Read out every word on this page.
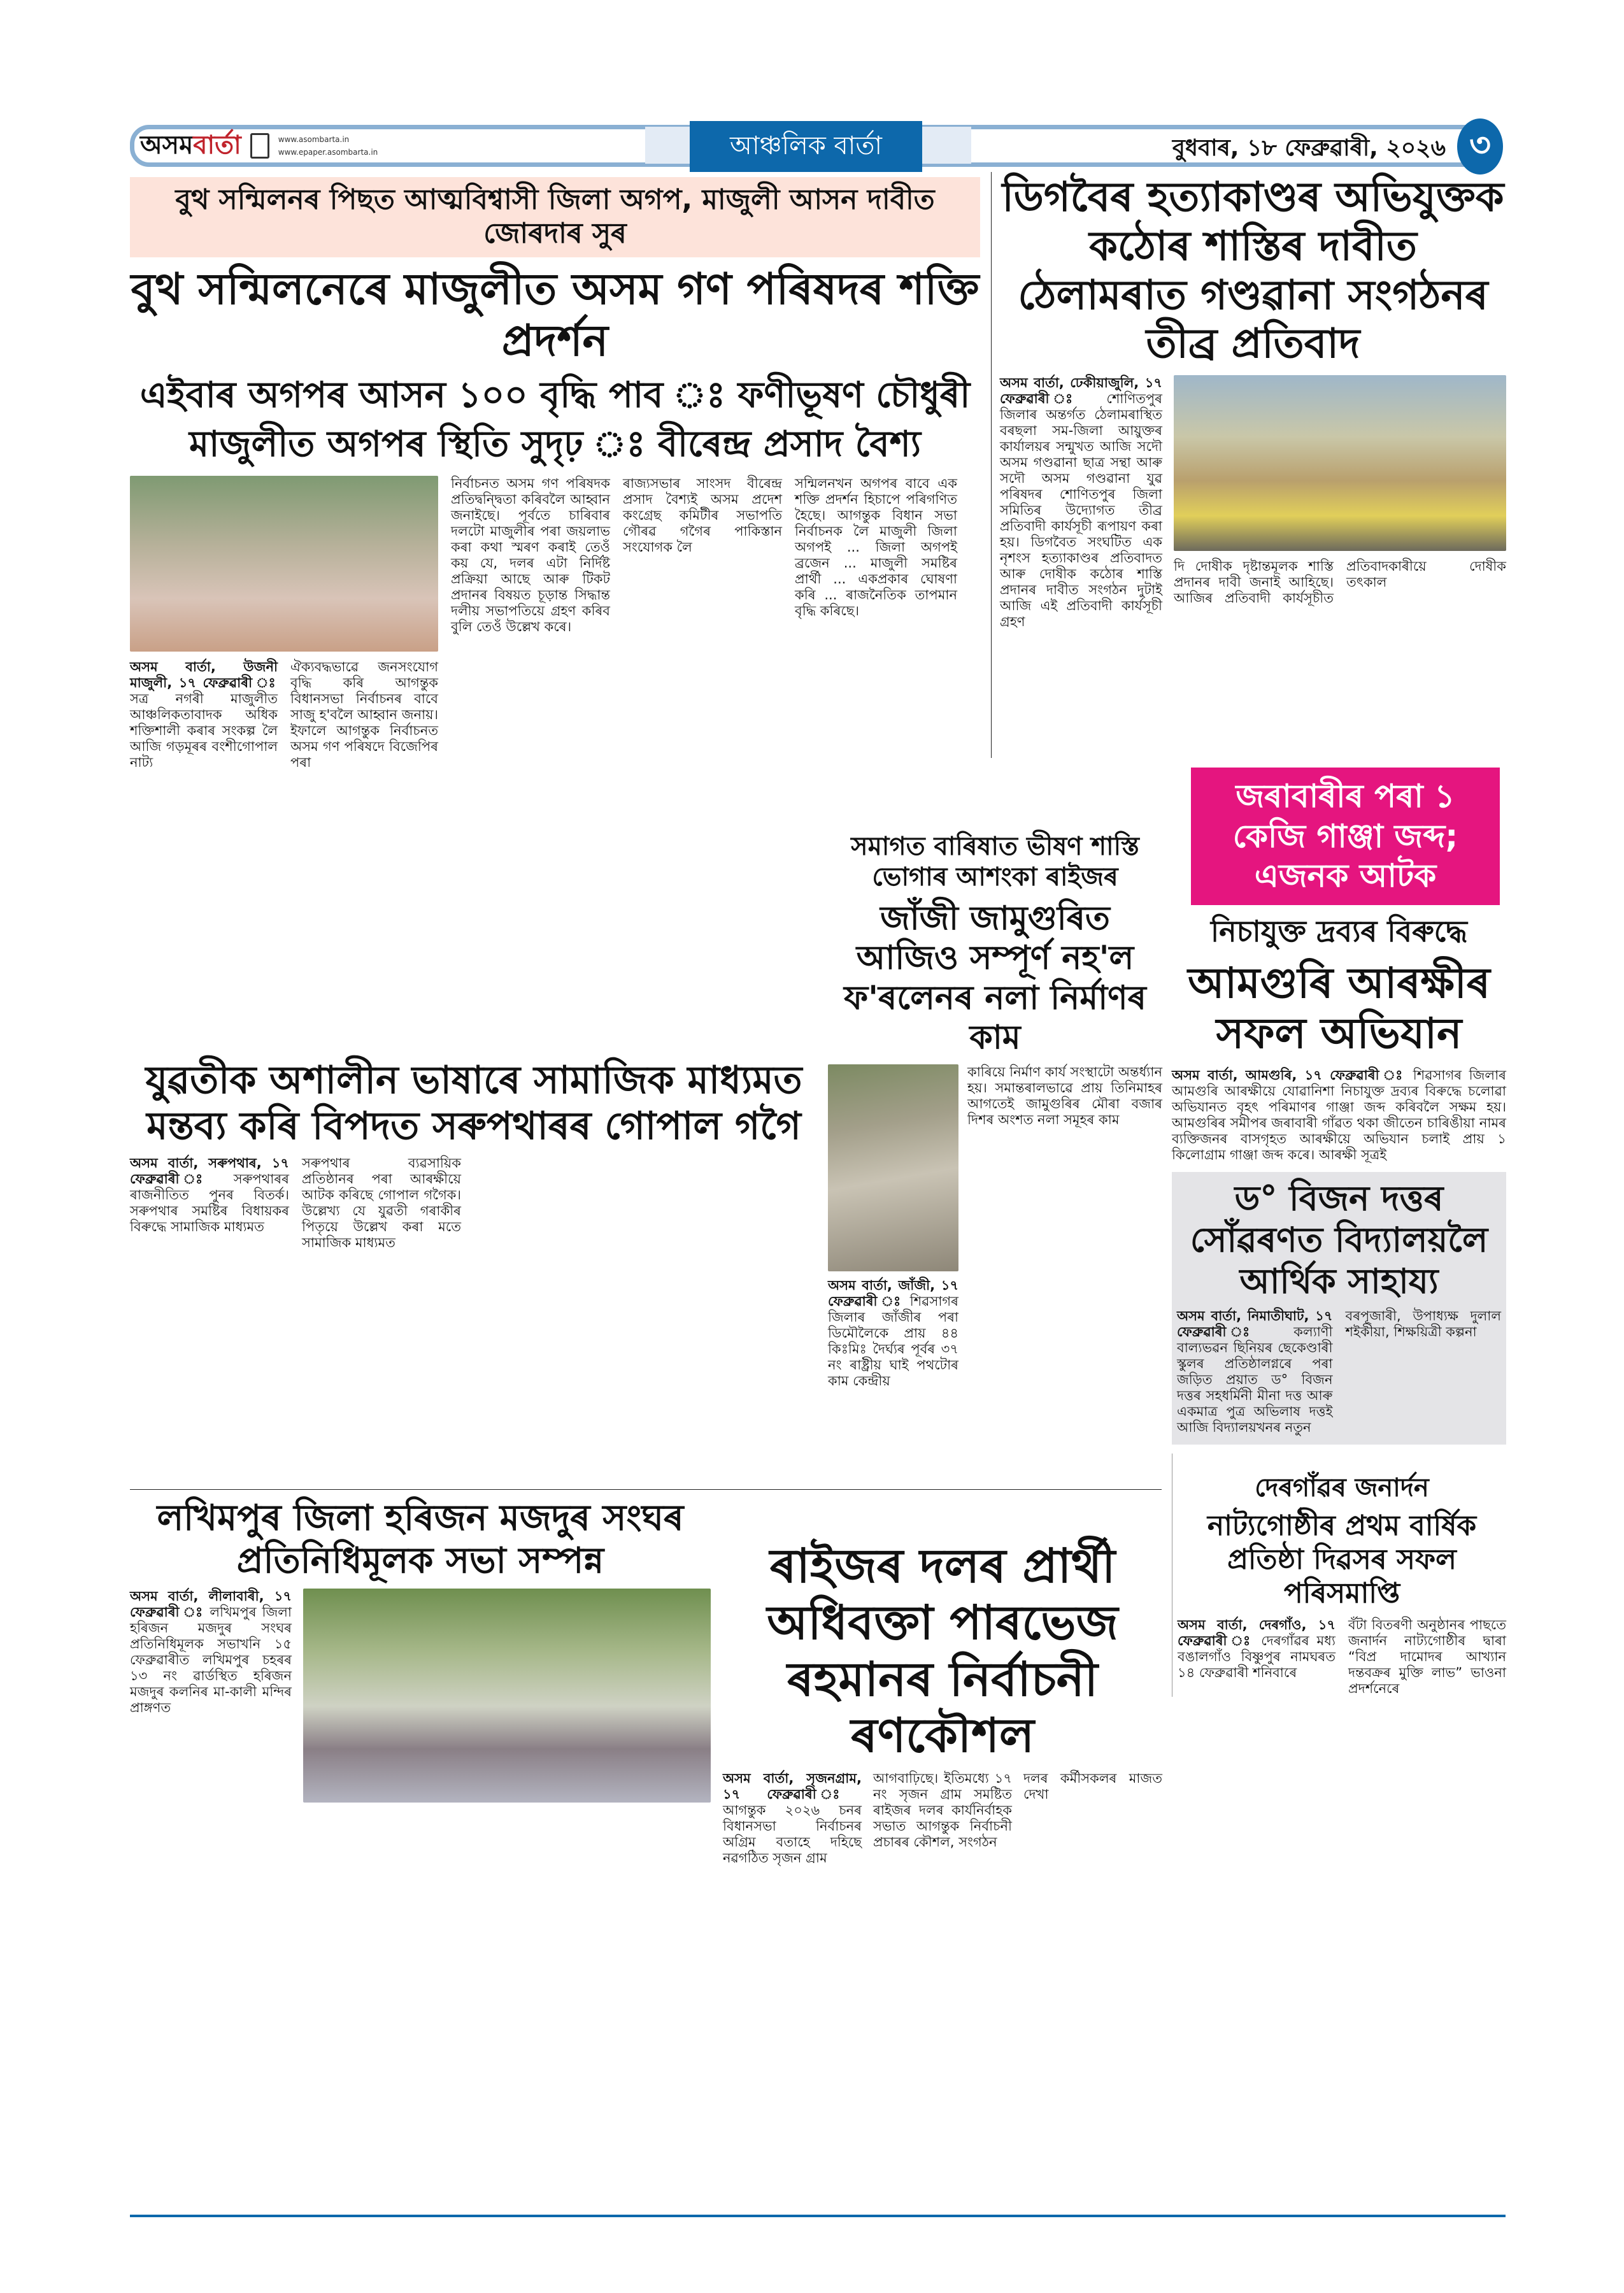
অসমবাৰ্তা	www.asombarta.in
www.epaper.asombarta.in	আঞ্চলিক বাৰ্তা	বুধবাৰ, ১৮ ফেব্ৰুৱাৰী, ২০২৬ ৩
বুথ সন্মিলনৰ পিছত আত্মবিশ্বাসী জিলা অগপ, মাজুলী আসন দাবীত জোৰদাৰ সুৰ
বুথ সন্মিলনেৰে মাজুলীত অসম গণ পৰিষদৰ শক্তি প্ৰদৰ্শন
এইবাৰ অগপৰ আসন ১০০ বৃদ্ধি পাব ঃ ফণীভূষণ চৌধুৰী
মাজুলীত অগপৰ স্থিতি সুদৃঢ় ঃ বীৰেন্দ্ৰ প্ৰসাদ বৈশ্য
অসম বাৰ্তা, উজনী মাজুলী, ১৭ ফেব্ৰুৱাৰী ঃ সত্ৰ নগৰী মাজুলীত আঞ্চলিকতাবাদক অধিক শক্তিশালী কৰাৰ সংকল্প লৈ আজি গড়মূৰৰ বংশীগোপাল নাট্য
ঐক্যবদ্ধভাৱে জনসংযোগ বৃদ্ধি কৰি আগন্তুক বিধানসভা নিৰ্বাচনৰ বাবে সাজু হ'বলৈ আহ্বান জনায়। ইফালে আগন্তুক নিৰ্বাচনত অসম গণ পৰিষদে বিজেপিৰ পৰা
নিৰ্বাচনত অসম গণ পৰিষদক প্ৰতিদ্বন্দ্বিতা কৰিবলৈ আহ্বান জনাইছে। পূৰ্বতে চাৰিবাৰ দলটো মাজুলীৰ পৰা জয়লাভ কৰা কথা স্মৰণ কৰাই তেওঁ কয় যে, দলৰ এটা নিৰ্দিষ্ট প্ৰক্ৰিয়া আছে আৰু টিকট প্ৰদানৰ বিষয়ত চূড়ান্ত সিদ্ধান্ত দলীয় সভাপতিয়ে গ্ৰহণ কৰিব বুলি তেওঁ উল্লেখ কৰে।
ৰাজ্যসভাৰ সাংসদ বীৰেন্দ্ৰ প্ৰসাদ বৈশ্যই অসম প্ৰদেশ কংগ্ৰেছ কমিটীৰ সভাপতি গৌৰৱ গগৈৰ পাকিস্তান সংযোগক লৈ
সন্মিলনখন অগপৰ বাবে এক শক্তি প্ৰদৰ্শন হিচাপে পৰিগণিত হৈছে। আগন্তুক বিধান সভা নিৰ্বাচনক লৈ মাজুলী জিলা অগপই ... জিলা অগপই ব্ৰজেন ... মাজুলী সমষ্টিৰ প্ৰাৰ্থী ... একপ্ৰকাৰ ঘোষণা কৰি ... ৰাজনৈতিক তাপমান বৃদ্ধি কৰিছে।
ডিগবৈৰ হত্যাকাণ্ডৰ অভিযুক্তক কঠোৰ শাস্তিৰ দাবীত ঠেলামৰাত গণ্ডৱানা সংগঠনৰ তীব্ৰ প্ৰতিবাদ
অসম বাৰ্তা, ঢেকীয়াজুলি, ১৭ ফেব্ৰুৱাৰী ঃ শোণিতপুৰ জিলাৰ অন্তৰ্গত ঠেলামৰাস্থিত বৰছলা সম-জিলা আয়ুক্তৰ কাৰ্যালয়ৰ সন্মুখত আজি সদৌ অসম গণ্ডৱানা ছাত্ৰ সন্থা আৰু সদৌ অসম গণ্ডৱানা যুৱ পৰিষদৰ শোণিতপুৰ জিলা সমিতিৰ উদ্যোগত তীব্ৰ প্ৰতিবাদী কাৰ্যসূচী ৰূপায়ণ কৰা হয়। ডিগবৈত সংঘটিত এক নৃশংস হত্যাকাণ্ডৰ প্ৰতিবাদত আৰু দোষীক কঠোৰ শাস্তি প্ৰদানৰ দাবীত সংগঠন দুটাই আজি এই প্ৰতিবাদী কাৰ্যসূচী গ্ৰহণ
দি দোষীক দৃষ্টান্তমূলক শাস্তি প্ৰদানৰ দাবী জনাই আহিছে। আজিৰ প্ৰতিবাদী কাৰ্যসূচীত প্ৰতিবাদকাৰীয়ে দোষীক তৎকাল
সমাগত বাৰিষাত ভীষণ শাস্তি ভোগাৰ আশংকা ৰাইজৰ
জাঁজী জামুগুৰিত আজিও সম্পূৰ্ণ নহ'ল ফ'ৰলেনৰ নলা নিৰ্মাণৰ কাম
অসম বাৰ্তা, জাঁজী, ১৭ ফেব্ৰুৱাৰী ঃ শিৱসাগৰ জিলাৰ জাঁজীৰ পৰা ডিমৌলৈকে প্ৰায় ৪৪ কিঃমিঃ দৈৰ্ঘ্যৰ পূৰ্বৰ ৩৭ নং ৰাষ্ট্ৰীয় ঘাই পথটোৰ কাম কেন্দ্ৰীয়
কাৰিয়ে নিৰ্মাণ কাৰ্য সংস্থাটো অন্তৰ্ধ্যান হয়। সমান্তৰালভাৱে প্ৰায় তিনিমাহৰ আগতেই জামুগুৰিৰ মৌৰা বজাৰ দিশৰ অংশত নলা সমূহৰ কাম
জৰাবাৰীৰ পৰা ১ কেজি গাঞ্জা জব্দ; এজনক আটক
নিচাযুক্ত দ্ৰব্যৰ বিৰুদ্ধে
আমগুৰি আৰক্ষীৰ সফল অভিযান
অসম বাৰ্তা, আমগুৰি, ১৭ ফেব্ৰুৱাৰী ঃ শিৱসাগৰ জিলাৰ আমগুৰি আৰক্ষীয়ে যোৱানিশা নিচাযুক্ত দ্ৰব্যৰ বিৰুদ্ধে চলোৱা অভিযানত বৃহৎ পৰিমাণৰ গাঞ্জা জব্দ কৰিবলৈ সক্ষম হয়। আমগুৰিৰ সমীপৰ জৰাবাৰী গাঁৱত থকা জীতেন চাৰিঙীয়া নামৰ ব্যক্তিজনৰ বাসগৃহত আৰক্ষীয়ে অভিযান চলাই প্ৰায় ১ কিলোগ্ৰাম গাঞ্জা জব্দ কৰে। আৰক্ষী সূত্ৰই
ড° বিজন দত্তৰ সোঁৱৰণত বিদ্যালয়লৈ আৰ্থিক সাহায্য
অসম বাৰ্তা, নিমাতীঘাট, ১৭ ফেব্ৰুৱাৰী ঃ কল্যাণী বাল্যভৱন ছিনিয়ৰ ছেকেণ্ডাৰী স্কুলৰ প্ৰতিষ্ঠালগ্নৰে পৰা জড়িত প্ৰয়াত ড° বিজন দত্তৰ সহধৰ্মিনী মীনা দত্ত আৰু একমাত্ৰ পুত্ৰ অভিলাষ দত্তই আজি বিদ্যালয়খনৰ নতুন
বৰপূজাৰী, উপাধ্যক্ষ দুলাল শইকীয়া, শিক্ষয়িত্ৰী কল্পনা
দেৰগাঁৱৰ জনাৰ্দন
নাট্যগোষ্ঠীৰ প্ৰথম বাৰ্ষিক প্ৰতিষ্ঠা দিৱসৰ সফল পৰিসমাপ্তি
অসম বাৰ্তা, দেৰগাঁও, ১৭ ফেব্ৰুৱাৰী ঃ দেৰগাঁৱৰ মধ্য বঙালগাঁও বিষ্ণুপুৰ নামঘৰত ১৪ ফেব্ৰুৱাৰী শনিবাৰে
বঁটা বিতৰণী অনুষ্ঠানৰ পাছতে জনাৰ্দন নাট্যগোষ্ঠীৰ দ্বাৰা “বিপ্ৰ দামোদৰ আখ্যান দন্তবক্ৰৰ মুক্তি লাভ” ভাওনা প্ৰদৰ্শনেৰে
যুৱতীক অশালীন ভাষাৰে সামাজিক মাধ্যমত মন্তব্য কৰি বিপদত সৰুপথাৰৰ গোপাল গগৈ
অসম বাৰ্তা, সৰুপথাৰ, ১৭ ফেব্ৰুৱাৰী ঃ সৰুপথাৰৰ ৰাজনীতিত পুনৰ বিতৰ্ক। সৰুপথাৰ সমষ্টিৰ বিধায়কৰ বিৰুদ্ধে সামাজিক মাধ্যমত
সৰুপথাৰ ব্যৱসায়িক প্ৰতিষ্ঠানৰ পৰা আৰক্ষীয়ে আটক কৰিছে গোপাল গগৈক। উল্লেখ্য যে যুৱতী গৰাকীৰ পিতৃয়ে উল্লেখ কৰা মতে সামাজিক মাধ্যমত
লখিমপুৰ জিলা হৰিজন মজদুৰ সংঘৰ প্ৰতিনিধিমূলক সভা সম্পন্ন
অসম বাৰ্তা, লীলাবাৰী, ১৭ ফেব্ৰুৱাৰী ঃ লখিমপুৰ জিলা হৰিজন মজদুৰ সংঘৰ প্ৰতিনিধিমূলক সভাখনি ১৫ ফেব্ৰুৱাৰীত লখিমপুৰ চহৰৰ ১৩ নং ৱাৰ্ডস্থিত হৰিজন মজদুৰ কলনিৰ মা-কালী মন্দিৰ প্ৰাঙ্গণত
ৰাইজৰ দলৰ প্ৰাৰ্থী অধিবক্তা পাৰভেজ ৰহমানৰ নিৰ্বাচনী ৰণকৌশল
অসম বাৰ্তা, সৃজনগ্ৰাম, ১৭ ফেব্ৰুৱাৰী ঃ আগন্তুক ২০২৬ চনৰ বিধানসভা নিৰ্বাচনৰ অগ্ৰিম বতাহে দহিছে নৱগঠিত সৃজন গ্ৰাম
আগবাঢ়িছে। ইতিমধ্যে ১৭ নং সৃজন গ্ৰাম সমষ্টিত ৰাইজৰ দলৰ কাৰ্যনিৰ্বাহক সভাত আগন্তুক নিৰ্বাচনী প্ৰচাৰৰ কৌশল, সংগঠন
দলৰ কৰ্মীসকলৰ মাজত দেখা
